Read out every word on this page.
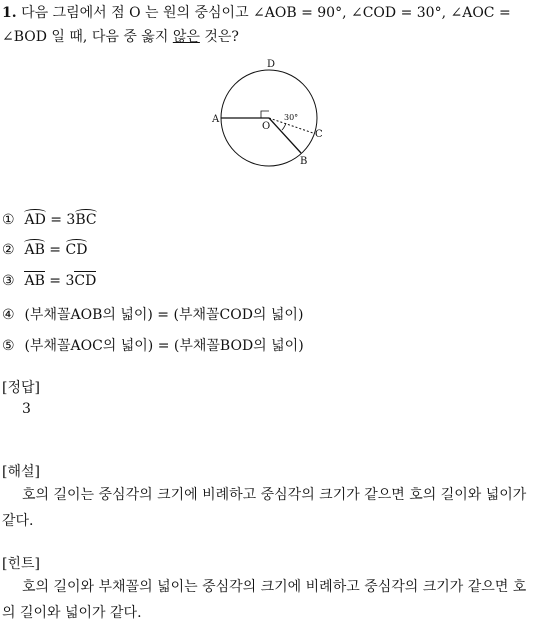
1. 다음 그림에서 점 O 는 원의 중심이고 ∠AOB = 90°, ∠COD = 30°, ∠AOC =
∠BOD 일 때, 다음 중 옳지 않은 것은?
A
O
D
C
B
30°
① AD = 3BC
② AB = CD
③ AB = 3CD
④ (부채꼴AOB의 넓이) = (부채꼴COD의 넓이)
⑤ (부채꼴AOC의 넓이) = (부채꼴BOD의 넓이)
[정답]
3
[해설]
호의 길이는 중심각의 크기에 비례하고 중심각의 크기가 같으면 호의 길이와 넓이가 같다.
[힌트]
호의 길이와 부채꼴의 넓이는 중심각의 크기에 비례하고 중심각의 크기가 같으면 호의 길이와 넓이가 같다.
